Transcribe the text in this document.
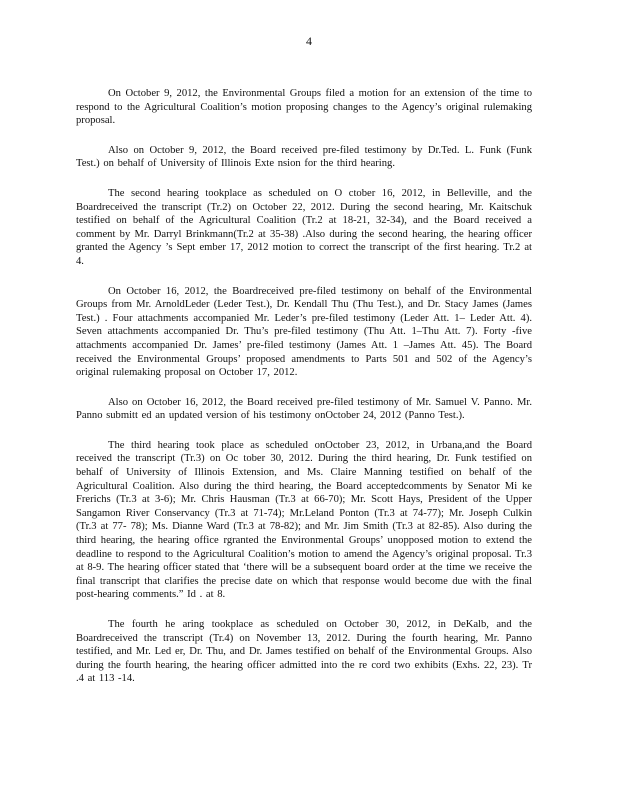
4

On October 9, 2012, the Environmental Groups filed a motion for an extension of the time to respond to the Agricultural Coalition’s motion proposing changes to the Agency’s original rulemaking proposal.

Also on October 9, 2012, the Board received pre-filed testimony by Dr.Ted. L. Funk (Funk Test.) on behalf of University of Illinois Exte nsion for the third hearing.

The second hearing tookplace as scheduled on O ctober 16, 2012, in Belleville, and the Boardreceived the transcript (Tr.2) on October 22, 2012. During the second hearing, Mr. Kaitschuk testified on behalf of the Agricultural Coalition (Tr.2 at 18-21, 32-34), and the Board received a comment by Mr. Darryl Brinkmann(Tr.2 at 35-38) .Also during the second hearing, the hearing officer granted the Agency ’s Sept ember 17, 2012 motion to correct the transcript of the first hearing. Tr.2 at 4.

On October 16, 2012, the Boardreceived pre-filed testimony on behalf of the Environmental Groups from Mr. ArnoldLeder (Leder Test.), Dr. Kendall Thu (Thu Test.), and Dr. Stacy James (James Test.) . Four attachments accompanied Mr. Leder’s pre-filed testimony (Leder Att. 1– Leder Att. 4). Seven attachments accompanied Dr. Thu’s pre-filed testimony (Thu Att. 1–Thu Att. 7). Forty -five attachments accompanied Dr. James’ pre-filed testimony (James Att. 1 –James Att. 45). The Board received the Environmental Groups’ proposed amendments to Parts 501 and 502 of the Agency’s original rulemaking proposal on October 17, 2012.

Also on October 16, 2012, the Board received pre-filed testimony of Mr. Samuel V. Panno. Mr. Panno submitt ed an updated version of his testimony onOctober 24, 2012 (Panno Test.).

The third hearing took place as scheduled onOctober 23, 2012, in Urbana,and the Board received the transcript (Tr.3) on Oc tober 30, 2012. During the third hearing, Dr. Funk testified on behalf of University of Illinois Extension, and Ms. Claire Manning testified on behalf of the Agricultural Coalition. Also during the third hearing, the Board acceptedcomments by Senator Mi ke Frerichs (Tr.3 at 3-6); Mr. Chris Hausman (Tr.3 at 66-70); Mr. Scott Hays, President of the Upper Sangamon River Conservancy (Tr.3 at 71-74); Mr.Leland Ponton (Tr.3 at 74-77); Mr. Joseph Culkin (Tr.3 at 77- 78); Ms. Dianne Ward (Tr.3 at 78-82); and Mr. Jim Smith (Tr.3 at 82-85). Also during the third hearing, the hearing office rgranted the Environmental Groups’ unopposed motion to extend the deadline to respond to the Agricultural Coalition’s motion to amend the Agency’s original proposal. Tr.3 at 8-9. The hearing officer stated that ‘there will be a subsequent board order at the time we receive the final transcript that clarifies the precise date on which that response would become due with the final post-hearing comments.” Id . at 8.

The fourth he aring tookplace as scheduled on October 30, 2012, in DeKalb, and the Boardreceived the transcript (Tr.4) on November 13, 2012. During the fourth hearing, Mr. Panno testified, and Mr. Led er, Dr. Thu, and Dr. James testified on behalf of the Environmental Groups. Also during the fourth hearing, the hearing officer admitted into the re cord two exhibits (Exhs. 22, 23). Tr .4 at 113 -14.
